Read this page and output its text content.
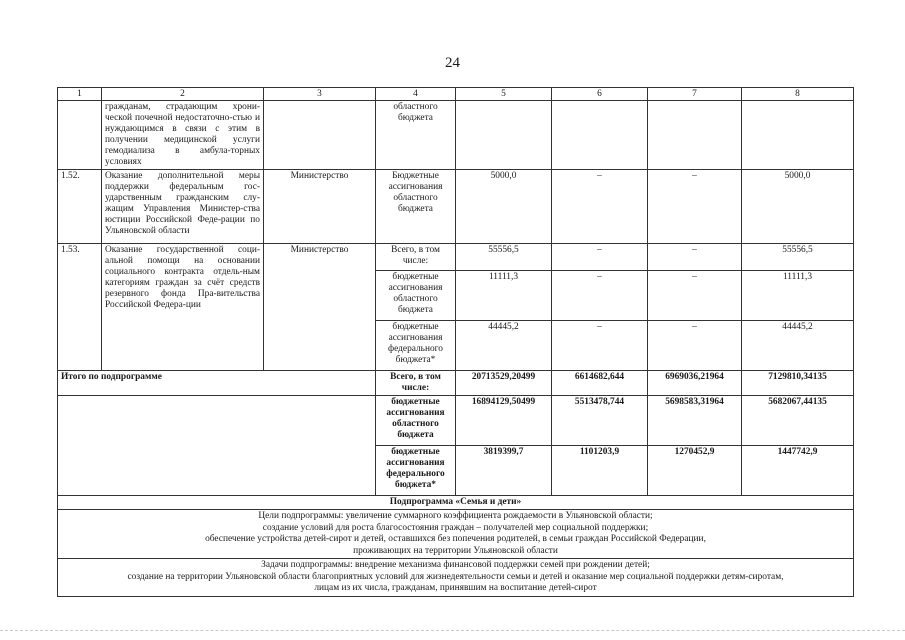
24
1	2	3	4	5	6	7	8
	гражданам, страдающим хрони-ческой почечной недостаточно-стью и нуждающимся в связи с этим в получении медицинской услуги гемодиализа в амбула-торных условиях		областного бюджета				
1.52.	Оказание дополнительной меры поддержки федеральным гос-ударственным гражданским слу-жащим Управления Министер-ства юстиции Российской Феде-рации по Ульяновской области	Министерство	Бюджетные ассигнования областного бюджета	5000,0	–	–	5000,0
1.53.	Оказание государственной соци-альной помощи на основании социального контракта отдель-ным категориям граждан за счёт средств резервного фонда Пра-вительства Российской Федера-ции	Министерство	Всего, в том числе:	55556,5	–	–	55556,5
			бюджетные ассигнования областного бюджета	11111,3	–	–	11111,3
			бюджетные ассигнования федерального бюджета*	44445,2	–	–	44445,2
Итого по подпрограмме			Всего, в том числе:	20713529,20499	6614682,644	6969036,21964	7129810,34135
			бюджетные ассигнования областного бюджета	16894129,50499	5513478,744	5698583,31964	5682067,44135
			бюджетные ассигнования федерального бюджета*	3819399,7	1101203,9	1270452,9	1447742,9
Подпрограмма «Семья и дети»							

Цели подпрограммы: увеличение суммарного коэффициента рождаемости в Ульяновской области;
создание условий для роста благосостояния граждан – получателей мер социальной поддержки;
обеспечение устройства детей-сирот и детей, оставшихся без попечения родителей, в семьи граждан Российской Федерации,
проживающих на территории Ульяновской области							

Задачи подпрограммы: внедрение механизма финансовой поддержки семей при рождении детей;
создание на территории Ульяновской области благоприятных условий для жизнедеятельности семьи и детей и оказание мер социальной поддержки детям-сиротам,
лицам из их числа, гражданам, принявшим на воспитание детей-сирот							
